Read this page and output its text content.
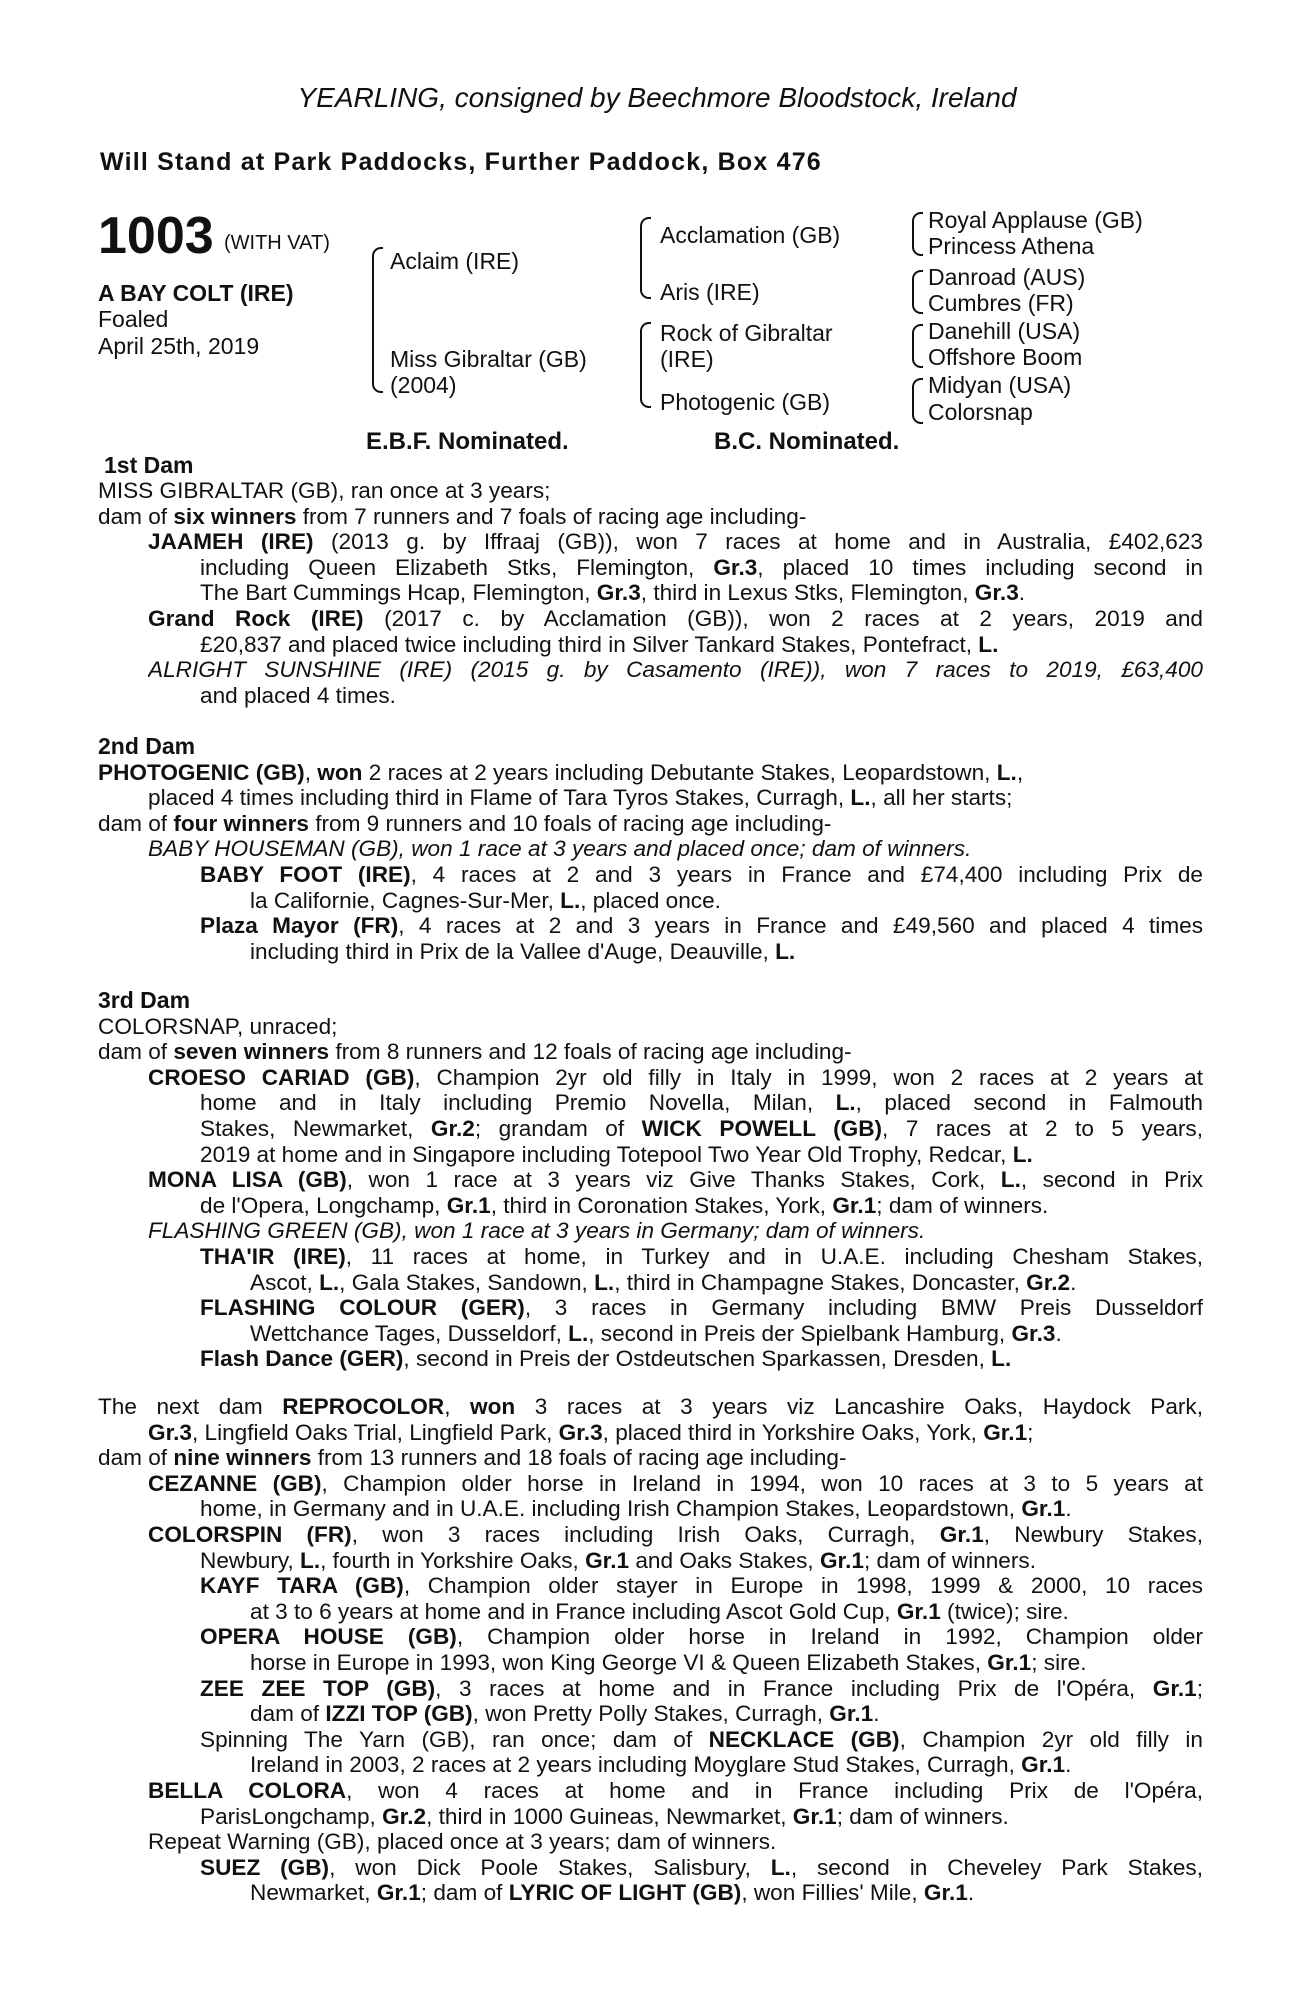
YEARLING, consigned by Beechmore Bloodstock, Ireland
Will Stand at Park Paddocks, Further Paddock, Box 476
1003 (WITH VAT)
A BAY COLT (IRE)
Foaled
April 25th, 2019
Aclaim (IRE)
Miss Gibraltar (GB)
(2004)
Acclamation (GB)
Aris (IRE)
Rock of Gibraltar
(IRE)
Photogenic (GB)
Royal Applause (GB)
Princess Athena
Danroad (AUS)
Cumbres (FR)
Danehill (USA)
Offshore Boom
Midyan (USA)
Colorsnap
E.B.F. Nominated.	B.C. Nominated.
1st Dam
MISS GIBRALTAR (GB), ran once at 3 years;
dam of six winners from 7 runners and 7 foals of racing age including-
JAAMEH (IRE) (2013 g. by Iffraaj (GB)), won 7 races at home and in Australia, £402,623
including Queen Elizabeth Stks, Flemington, Gr.3, placed 10 times including second in
The Bart Cummings Hcap, Flemington, Gr.3, third in Lexus Stks, Flemington, Gr.3.
Grand Rock (IRE) (2017 c. by Acclamation (GB)), won 2 races at 2 years, 2019 and
£20,837 and placed twice including third in Silver Tankard Stakes, Pontefract, L.
ALRIGHT SUNSHINE (IRE) (2015 g. by Casamento (IRE)), won 7 races to 2019, £63,400
and placed 4 times.
2nd Dam
PHOTOGENIC (GB), won 2 races at 2 years including Debutante Stakes, Leopardstown, L.,
placed 4 times including third in Flame of Tara Tyros Stakes, Curragh, L., all her starts;
dam of four winners from 9 runners and 10 foals of racing age including-
BABY HOUSEMAN (GB), won 1 race at 3 years and placed once; dam of winners.
BABY FOOT (IRE), 4 races at 2 and 3 years in France and £74,400 including Prix de
la Californie, Cagnes-Sur-Mer, L., placed once.
Plaza Mayor (FR), 4 races at 2 and 3 years in France and £49,560 and placed 4 times
including third in Prix de la Vallee d'Auge, Deauville, L.
3rd Dam
COLORSNAP, unraced;
dam of seven winners from 8 runners and 12 foals of racing age including-
CROESO CARIAD (GB), Champion 2yr old filly in Italy in 1999, won 2 races at 2 years at
home and in Italy including Premio Novella, Milan, L., placed second in Falmouth
Stakes, Newmarket, Gr.2; grandam of WICK POWELL (GB), 7 races at 2 to 5 years,
2019 at home and in Singapore including Totepool Two Year Old Trophy, Redcar, L.
MONA LISA (GB), won 1 race at 3 years viz Give Thanks Stakes, Cork, L., second in Prix
de l'Opera, Longchamp, Gr.1, third in Coronation Stakes, York, Gr.1; dam of winners.
FLASHING GREEN (GB), won 1 race at 3 years in Germany; dam of winners.
THA'IR (IRE), 11 races at home, in Turkey and in U.A.E. including Chesham Stakes,
Ascot, L., Gala Stakes, Sandown, L., third in Champagne Stakes, Doncaster, Gr.2.
FLASHING COLOUR (GER), 3 races in Germany including BMW Preis Dusseldorf
Wettchance Tages, Dusseldorf, L., second in Preis der Spielbank Hamburg, Gr.3.
Flash Dance (GER), second in Preis der Ostdeutschen Sparkassen, Dresden, L.
The next dam REPROCOLOR, won 3 races at 3 years viz Lancashire Oaks, Haydock Park,
Gr.3, Lingfield Oaks Trial, Lingfield Park, Gr.3, placed third in Yorkshire Oaks, York, Gr.1;
dam of nine winners from 13 runners and 18 foals of racing age including-
CEZANNE (GB), Champion older horse in Ireland in 1994, won 10 races at 3 to 5 years at
home, in Germany and in U.A.E. including Irish Champion Stakes, Leopardstown, Gr.1.
COLORSPIN (FR), won 3 races including Irish Oaks, Curragh, Gr.1, Newbury Stakes,
Newbury, L., fourth in Yorkshire Oaks, Gr.1 and Oaks Stakes, Gr.1; dam of winners.
KAYF TARA (GB), Champion older stayer in Europe in 1998, 1999 & 2000, 10 races
at 3 to 6 years at home and in France including Ascot Gold Cup, Gr.1 (twice); sire.
OPERA HOUSE (GB), Champion older horse in Ireland in 1992, Champion older
horse in Europe in 1993, won King George VI & Queen Elizabeth Stakes, Gr.1; sire.
ZEE ZEE TOP (GB), 3 races at home and in France including Prix de l'Opéra, Gr.1;
dam of IZZI TOP (GB), won Pretty Polly Stakes, Curragh, Gr.1.
Spinning The Yarn (GB), ran once; dam of NECKLACE (GB), Champion 2yr old filly in
Ireland in 2003, 2 races at 2 years including Moyglare Stud Stakes, Curragh, Gr.1.
BELLA COLORA, won 4 races at home and in France including Prix de l'Opéra,
ParisLongchamp, Gr.2, third in 1000 Guineas, Newmarket, Gr.1; dam of winners.
Repeat Warning (GB), placed once at 3 years; dam of winners.
SUEZ (GB), won Dick Poole Stakes, Salisbury, L., second in Cheveley Park Stakes,
Newmarket, Gr.1; dam of LYRIC OF LIGHT (GB), won Fillies' Mile, Gr.1.
